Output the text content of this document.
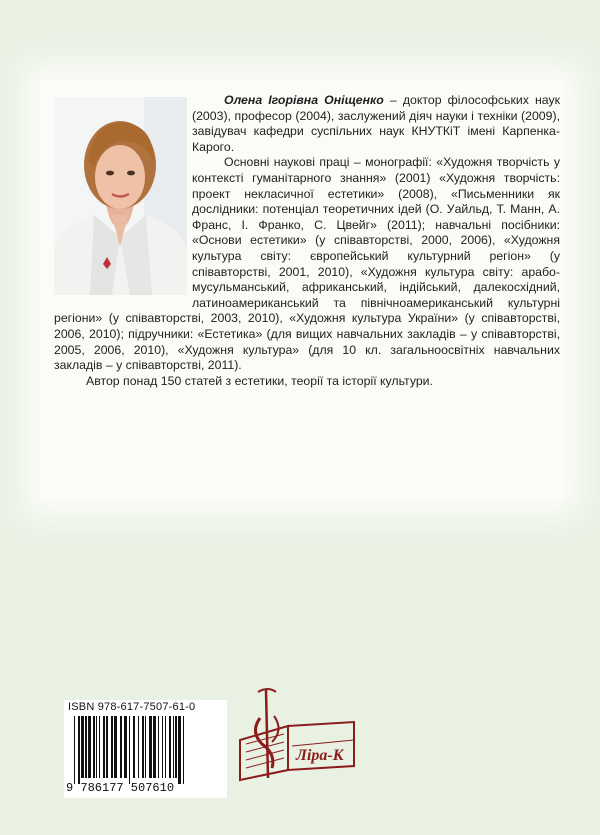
Олена Ігорівна Оніщенко – доктор філософських наук (2003), професор (2004), заслужений діяч науки і техніки (2009), завідувач кафедри суспільних наук КНУТКіТ імені Карпенка-Карого.

Основні наукові праці – монографії: «Художня творчість у контексті гуманітарного знання» (2001) «Художня творчість: проект некласичної естетики» (2008), «Письменники як дослідники: потенціал теоретичних ідей (О. Уайльд, Т. Манн, А. Франс, І. Франко, С. Цвейг» (2011); навчальні посібники: «Основи естетики» (у співавторстві, 2000, 2006), «Художня культура світу: європейський культурний регіон» (у співавторстві, 2001, 2010), «Художня культура світу: арабо-мусульманський, африканський, індійський, далекосхідний, латиноамериканський та північноамериканський культурні регіони» (у співавторстві, 2003, 2010), «Художня культура України» (у співавторстві, 2006, 2010); підручники: «Естетика» (для вищих навчальних закладів – у співавторстві, 2005, 2006, 2010), «Художня культура» (для 10 кл. загальноосвітніх навчальних закладів – у співавторстві, 2011).

Автор понад 150 статей з естетики, теорії та історії культури.

ISBN 978-617-7507-61-0
9 786177 507610
Ліра-К
